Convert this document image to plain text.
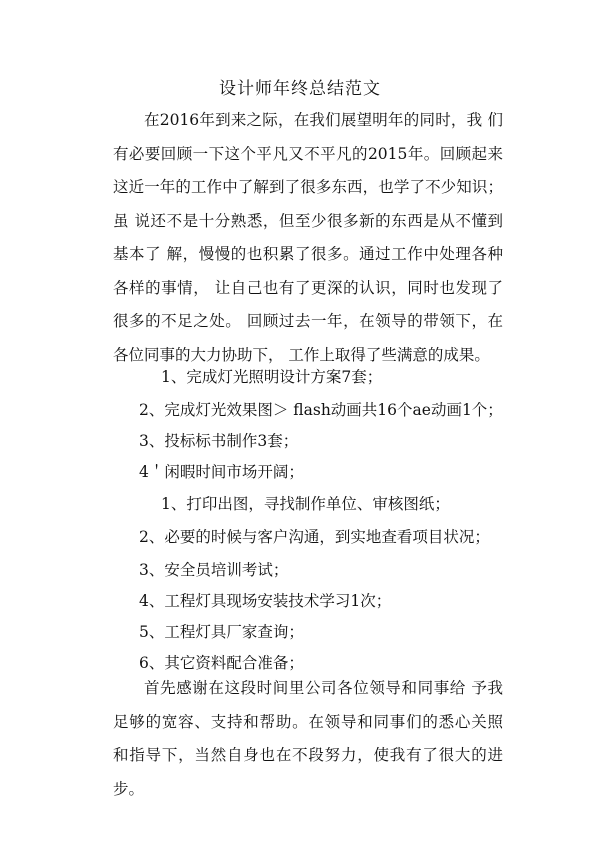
设计师年终总结范文

在2016年到来之际，在我们展望明年的同时，我 们有必要回顾一下这个平凡又不平凡的2015年。回顾起来 这近一年的工作中了解到了很多东西，也学了不少知识；虽 说还不是十分熟悉，但至少很多新的东西是从不懂到基本了 解，慢慢的也积累了很多。通过工作中处理各种各样的事情， 让自己也有了更深的认识，同时也发现了很多的不足之处。 回顾过去一年，在领导的带领下，在各位同事的大力协助下， 工作上取得了些满意的成果。

1、完成灯光照明设计方案7套；

2、完成灯光效果图＞ flash动画共16个ae动画1个；

3、投标标书制作3套；

4＇闲暇时间市场开阔；

1、打印出图，寻找制作单位、审核图纸；

2、必要的时候与客户沟通，到实地查看项目状况；

3、安全员培训考试；

4、工程灯具现场安装技术学习1次；

5、工程灯具厂家查询；

6、其它资料配合准备；

首先感谢在这段时间里公司各位领导和同事给 予我足够的宽容、支持和帮助。在领导和同事们的悉心关照 和指导下，当然自身也在不段努力，使我有了很大的进步。
